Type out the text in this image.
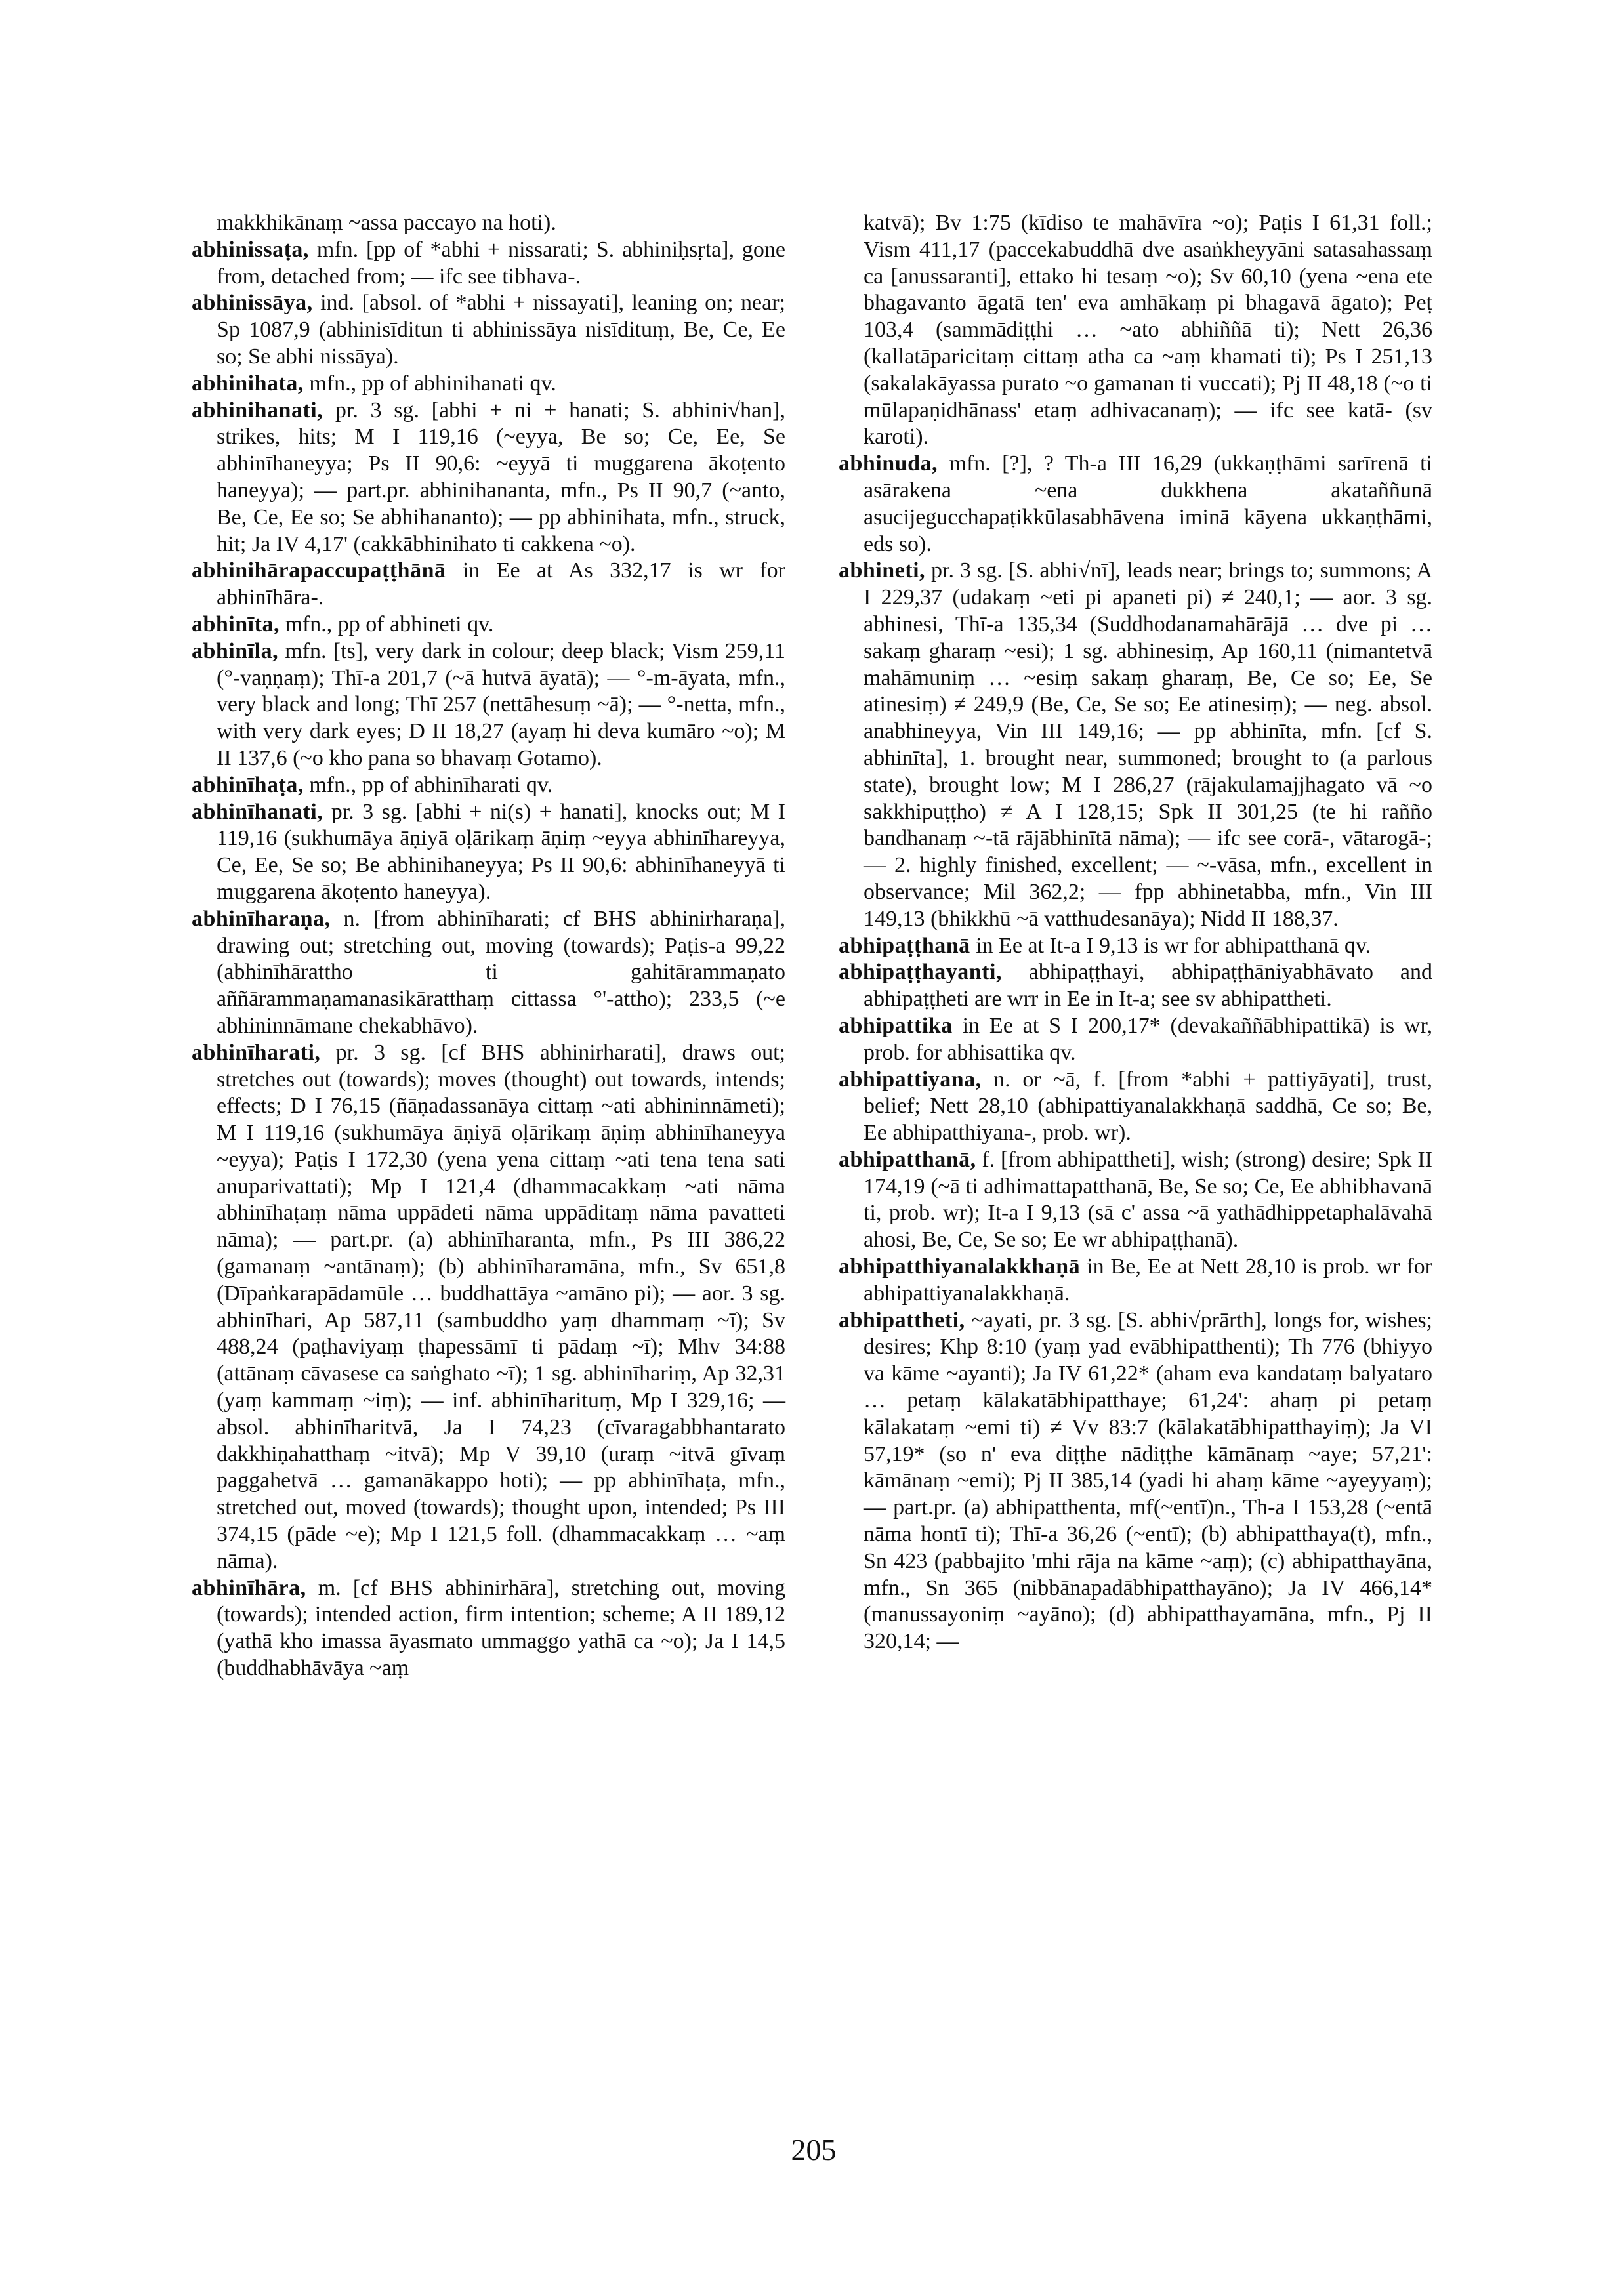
makkhikānaṃ ~assa paccayo na hoti).

abhinissaṭa, mfn. [pp of *abhi + nissarati; S. abhiniḥsṛta], gone from, detached from; — ifc see tibhava-.

abhinissāya, ind. [absol. of *abhi + nissayati], leaning on; near; Sp 1087,9 (abhinisīditun ti abhinissāya nisīdituṃ, Be, Ce, Ee so; Se abhi nissāya).

abhinihata, mfn., pp of abhinihanati qv.

abhinihanati, pr. 3 sg. [abhi + ni + hanati; S. abhini√han], strikes, hits; M I 119,16 (~eyya, Be so; Ce, Ee, Se abhinīhaneyya; Ps II 90,6: ~eyyā ti muggarena ākoṭento haneyya); — part.pr. abhinihananta, mfn., Ps II 90,7 (~anto, Be, Ce, Ee so; Se abhihananto); — pp abhinihata, mfn., struck, hit; Ja IV 4,17' (cakkābhinihato ti cakkena ~o).

abhinihārapaccupaṭṭhānā in Ee at As 332,17 is wr for abhinīhāra-.

abhinīta, mfn., pp of abhineti qv.

abhinīla, mfn. [ts], very dark in colour; deep black; Vism 259,11 (°-vaṇṇaṃ); Thī-a 201,7 (~ā hutvā āyatā); — °-m-āyata, mfn., very black and long; Thī 257 (nettāhesuṃ ~ā); — °-netta, mfn., with very dark eyes; D II 18,27 (ayaṃ hi deva kumāro ~o); M II 137,6 (~o kho pana so bhavaṃ Gotamo).

abhinīhaṭa, mfn., pp of abhinīharati qv.

abhinīhanati, pr. 3 sg. [abhi + ni(s) + hanati], knocks out; M I 119,16 (sukhumāya āṇiyā oḷārikaṃ āṇiṃ ~eyya abhinīhareyya, Ce, Ee, Se so; Be abhinihaneyya; Ps II 90,6: abhinīhaneyyā ti muggarena ākoṭento haneyya).

abhinīharaṇa, n. [from abhinīharati; cf BHS abhinirharaṇa], drawing out; stretching out, moving (towards); Paṭis-a 99,22 (abhinīhārattho ti gahitārammaṇato aññārammaṇamanasikāratthaṃ cittassa °'-attho); 233,5 (~e abhininnāmane chekabhāvo).

abhinīharati, pr. 3 sg. [cf BHS abhinirharati], draws out; stretches out (towards); moves (thought) out towards, intends; effects; D I 76,15 (ñāṇadassanāya cittaṃ ~ati abhininnāmeti); M I 119,16 (sukhumāya āṇiyā oḷārikaṃ āṇiṃ abhinīhaneyya ~eyya); Paṭis I 172,30 (yena yena cittaṃ ~ati tena tena sati anuparivattati); Mp I 121,4 (dhammacakkaṃ ~ati nāma abhinīhaṭaṃ nāma uppādeti nāma uppāditaṃ nāma pavatteti nāma); — part.pr. (a) abhinīharanta, mfn., Ps III 386,22 (gamanaṃ ~antānaṃ); (b) abhinīharamāna, mfn., Sv 651,8 (Dīpaṅkarapādamūle … buddhattāya ~amāno pi); — aor. 3 sg. abhinīhari, Ap 587,11 (sambuddho yaṃ dhammaṃ ~ī); Sv 488,24 (paṭhaviyaṃ ṭhapessāmī ti pādaṃ ~ī); Mhv 34:88 (attānaṃ cāvasese ca saṅghato ~ī); 1 sg. abhinīhariṃ, Ap 32,31 (yaṃ kammaṃ ~iṃ); — inf. abhinīharituṃ, Mp I 329,16; — absol. abhinīharitvā, Ja I 74,23 (cīvaragabbhantarato dakkhiṇahatthaṃ ~itvā); Mp V 39,10 (uraṃ ~itvā gīvaṃ paggahetvā … gamanākappo hoti); — pp abhinīhaṭa, mfn., stretched out, moved (towards); thought upon, intended; Ps III 374,15 (pāde ~e); Mp I 121,5 foll. (dhammacakkaṃ … ~aṃ nāma).

abhinīhāra, m. [cf BHS abhinirhāra], stretching out, moving (towards); intended action, firm intention; scheme; A II 189,12 (yathā kho imassa āyasmato ummaggo yathā ca ~o); Ja I 14,5 (buddhabhāvāya ~aṃ

katvā); Bv 1:75 (kīdiso te mahāvīra ~o); Paṭis I 61,31 foll.; Vism 411,17 (paccekabuddhā dve asaṅkheyyāni satasahassaṃ ca [anussaranti], ettako hi tesaṃ ~o); Sv 60,10 (yena ~ena ete bhagavanto āgatā ten' eva amhākaṃ pi bhagavā āgato); Peṭ 103,4 (sammādiṭṭhi … ~ato abhiññā ti); Nett 26,36 (kallatāparicitaṃ cittaṃ atha ca ~aṃ khamati ti); Ps I 251,13 (sakalakāyassa purato ~o gamanan ti vuccati); Pj II 48,18 (~o ti mūlapaṇidhānass' etaṃ adhivacanaṃ); — ifc see katā- (sv karoti).

abhinuda, mfn. [?], ? Th-a III 16,29 (ukkaṇṭhāmi sarīrenā ti asārakena ~ena dukkhena akataññunā asucijegucchapaṭikkūlasabhāvena iminā kāyena ukkaṇṭhāmi, eds so).

abhineti, pr. 3 sg. [S. abhi√nī], leads near; brings to; summons; A I 229,37 (udakaṃ ~eti pi apaneti pi) ≠ 240,1; — aor. 3 sg. abhinesi, Thī-a 135,34 (Suddhodanamahārājā … dve pi … sakaṃ gharaṃ ~esi); 1 sg. abhinesiṃ, Ap 160,11 (nimantetvā mahāmuniṃ … ~esiṃ sakaṃ gharaṃ, Be, Ce so; Ee, Se atinesiṃ) ≠ 249,9 (Be, Ce, Se so; Ee atinesiṃ); — neg. absol. anabhineyya, Vin III 149,16; — pp abhinīta, mfn. [cf S. abhinīta], 1. brought near, summoned; brought to (a parlous state), brought low; M I 286,27 (rājakulamajjhagato vā ~o sakkhipuṭṭho) ≠ A I 128,15; Spk II 301,25 (te hi rañño bandhanaṃ ~-tā rājābhinītā nāma); — ifc see corā-, vātarogā-; — 2. highly finished, excellent; — ~-vāsa, mfn., excellent in observance; Mil 362,2; — fpp abhinetabba, mfn., Vin III 149,13 (bhikkhū ~ā vatthudesanāya); Nidd II 188,37.

abhipaṭṭhanā in Ee at It-a I 9,13 is wr for abhipatthanā qv.

abhipaṭṭhayanti, abhipaṭṭhayi, abhipaṭṭhāniyabhāvato and abhipaṭṭheti are wrr in Ee in It-a; see sv abhipattheti.

abhipattika in Ee at S I 200,17* (devakaññābhipattikā) is wr, prob. for abhisattika qv.

abhipattiyana, n. or ~ā, f. [from *abhi + pattiyāyati], trust, belief; Nett 28,10 (abhipattiyanalakkhaṇā saddhā, Ce so; Be, Ee abhipatthiyana-, prob. wr).

abhipatthanā, f. [from abhipattheti], wish; (strong) desire; Spk II 174,19 (~ā ti adhimattapatthanā, Be, Se so; Ce, Ee abhibhavanā ti, prob. wr); It-a I 9,13 (sā c' assa ~ā yathādhippetaphalāvahā ahosi, Be, Ce, Se so; Ee wr abhipaṭṭhanā).

abhipatthiyanalakkhaṇā in Be, Ee at Nett 28,10 is prob. wr for abhipattiyanalakkhaṇā.

abhipattheti, ~ayati, pr. 3 sg. [S. abhi√prārth], longs for, wishes; desires; Khp 8:10 (yaṃ yad evābhipatthenti); Th 776 (bhiyyo va kāme ~ayanti); Ja IV 61,22* (aham eva kandataṃ balyataro … petaṃ kālakatābhipatthaye; 61,24': ahaṃ pi petaṃ kālakataṃ ~emi ti) ≠ Vv 83:7 (kālakatābhipatthayiṃ); Ja VI 57,19* (so n' eva diṭṭhe nādiṭṭhe kāmānaṃ ~aye; 57,21': kāmānaṃ ~emi); Pj II 385,14 (yadi hi ahaṃ kāme ~ayeyyaṃ); — part.pr. (a) abhipatthenta, mf(~entī)n., Th-a I 153,28 (~entā nāma hontī ti); Thī-a 36,26 (~entī); (b) abhipatthaya(t), mfn., Sn 423 (pabbajito 'mhi rāja na kāme ~aṃ); (c) abhipatthayāna, mfn., Sn 365 (nibbānapadābhipatthayāno); Ja IV 466,14* (manussayoniṃ ~ayāno); (d) abhipatthayamāna, mfn., Pj II 320,14; —

205
